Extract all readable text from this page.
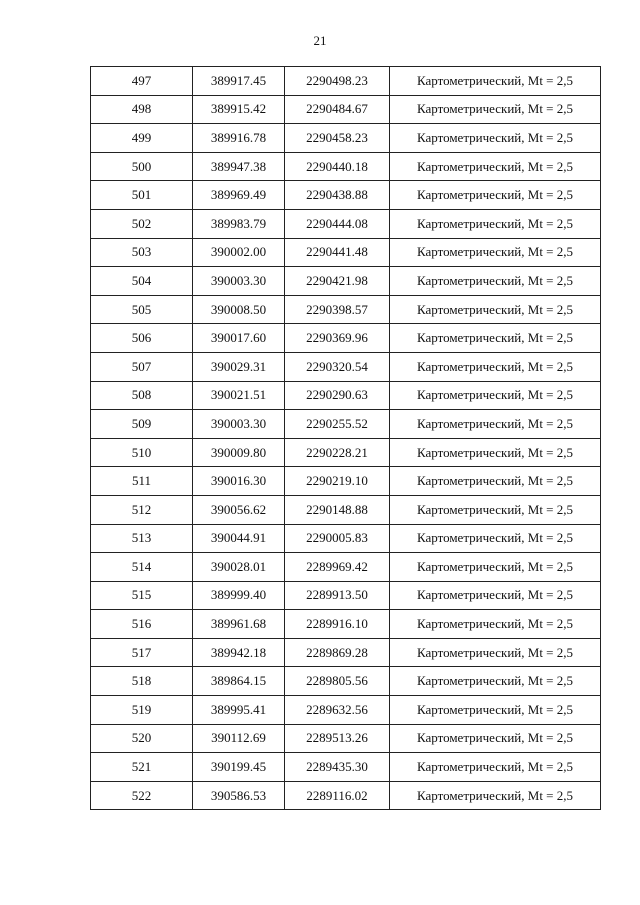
21
497	389917.45	2290498.23	Картометрический, Mt = 2,5
498	389915.42	2290484.67	Картометрический, Mt = 2,5
499	389916.78	2290458.23	Картометрический, Mt = 2,5
500	389947.38	2290440.18	Картометрический, Mt = 2,5
501	389969.49	2290438.88	Картометрический, Mt = 2,5
502	389983.79	2290444.08	Картометрический, Mt = 2,5
503	390002.00	2290441.48	Картометрический, Mt = 2,5
504	390003.30	2290421.98	Картометрический, Mt = 2,5
505	390008.50	2290398.57	Картометрический, Mt = 2,5
506	390017.60	2290369.96	Картометрический, Mt = 2,5
507	390029.31	2290320.54	Картометрический, Mt = 2,5
508	390021.51	2290290.63	Картометрический, Mt = 2,5
509	390003.30	2290255.52	Картометрический, Mt = 2,5
510	390009.80	2290228.21	Картометрический, Mt = 2,5
511	390016.30	2290219.10	Картометрический, Mt = 2,5
512	390056.62	2290148.88	Картометрический, Mt = 2,5
513	390044.91	2290005.83	Картометрический, Mt = 2,5
514	390028.01	2289969.42	Картометрический, Mt = 2,5
515	389999.40	2289913.50	Картометрический, Mt = 2,5
516	389961.68	2289916.10	Картометрический, Mt = 2,5
517	389942.18	2289869.28	Картометрический, Mt = 2,5
518	389864.15	2289805.56	Картометрический, Mt = 2,5
519	389995.41	2289632.56	Картометрический, Mt = 2,5
520	390112.69	2289513.26	Картометрический, Mt = 2,5
521	390199.45	2289435.30	Картометрический, Mt = 2,5
522	390586.53	2289116.02	Картометрический, Mt = 2,5
